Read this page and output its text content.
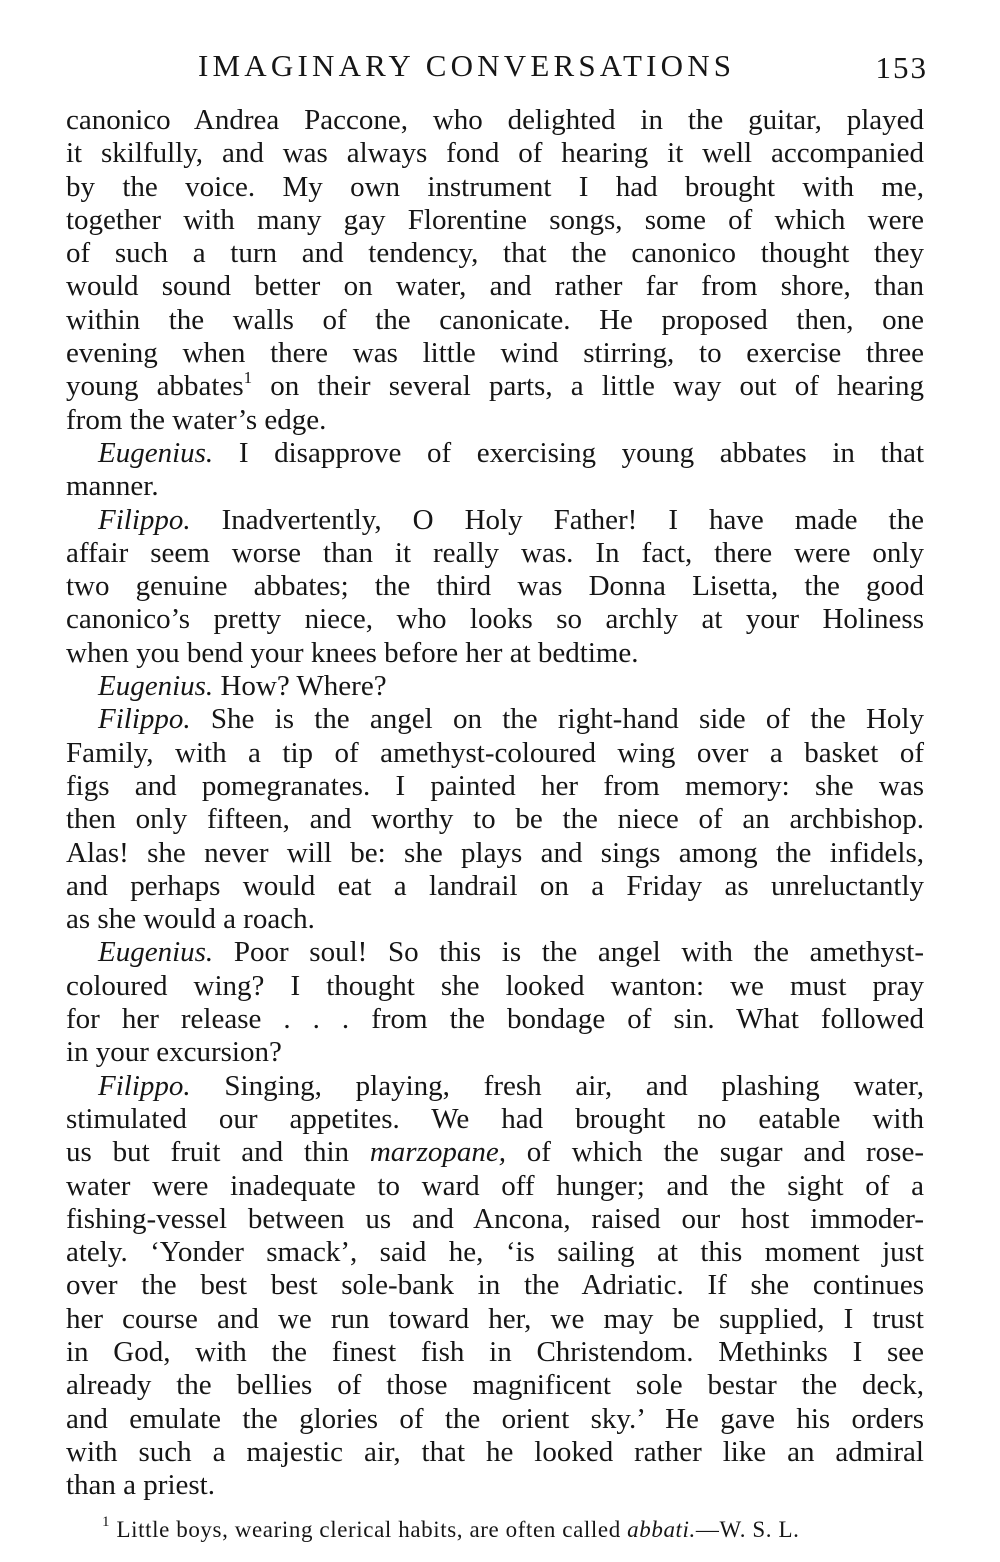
IMAGINARY CONVERSATIONS	153
canonico Andrea Paccone, who delighted in the guitar, played
it skilfully, and was always fond of hearing it well accompanied
by the voice. My own instrument I had brought with me,
together with many gay Florentine songs, some of which were
of such a turn and tendency, that the canonico thought they
would sound better on water, and rather far from shore, than
within the walls of the canonicate. He proposed then, one
evening when there was little wind stirring, to exercise three
young abbates$^1$ on their several parts, a little way out of hearing
from the water’s edge.
Eugenius. I disapprove of exercising young abbates in that
manner.
Filippo. Inadvertently, O Holy Father! I have made the
affair seem worse than it really was. In fact, there were only
two genuine abbates; the third was Donna Lisetta, the good
canonico’s pretty niece, who looks so archly at your Holiness
when you bend your knees before her at bedtime.
Eugenius. How? Where?
Filippo. She is the angel on the right-hand side of the Holy
Family, with a tip of amethyst-coloured wing over a basket of
figs and pomegranates. I painted her from memory: she was
then only fifteen, and worthy to be the niece of an archbishop.
Alas! she never will be: she plays and sings among the infidels,
and perhaps would eat a landrail on a Friday as unreluctantly
as she would a roach.
Eugenius. Poor soul! So this is the angel with the amethyst-
coloured wing? I thought she looked wanton: we must pray
for her release . . . from the bondage of sin. What followed
in your excursion?
Filippo. Singing, playing, fresh air, and plashing water,
stimulated our appetites. We had brought no eatable with
us but fruit and thin marzopane, of which the sugar and rose-
water were inadequate to ward off hunger; and the sight of a
fishing-vessel between us and Ancona, raised our host immoder-
ately. ‘Yonder smack’, said he, ‘is sailing at this moment just
over the best best sole-bank in the Adriatic. If she continues
her course and we run toward her, we may be supplied, I trust
in God, with the finest fish in Christendom. Methinks I see
already the bellies of those magnificent sole bestar the deck,
and emulate the glories of the orient sky.’ He gave his orders
with such a majestic air, that he looked rather like an admiral
than a priest.
$^1$ Little boys, wearing clerical habits, are often called abbati.—W. S. L.
